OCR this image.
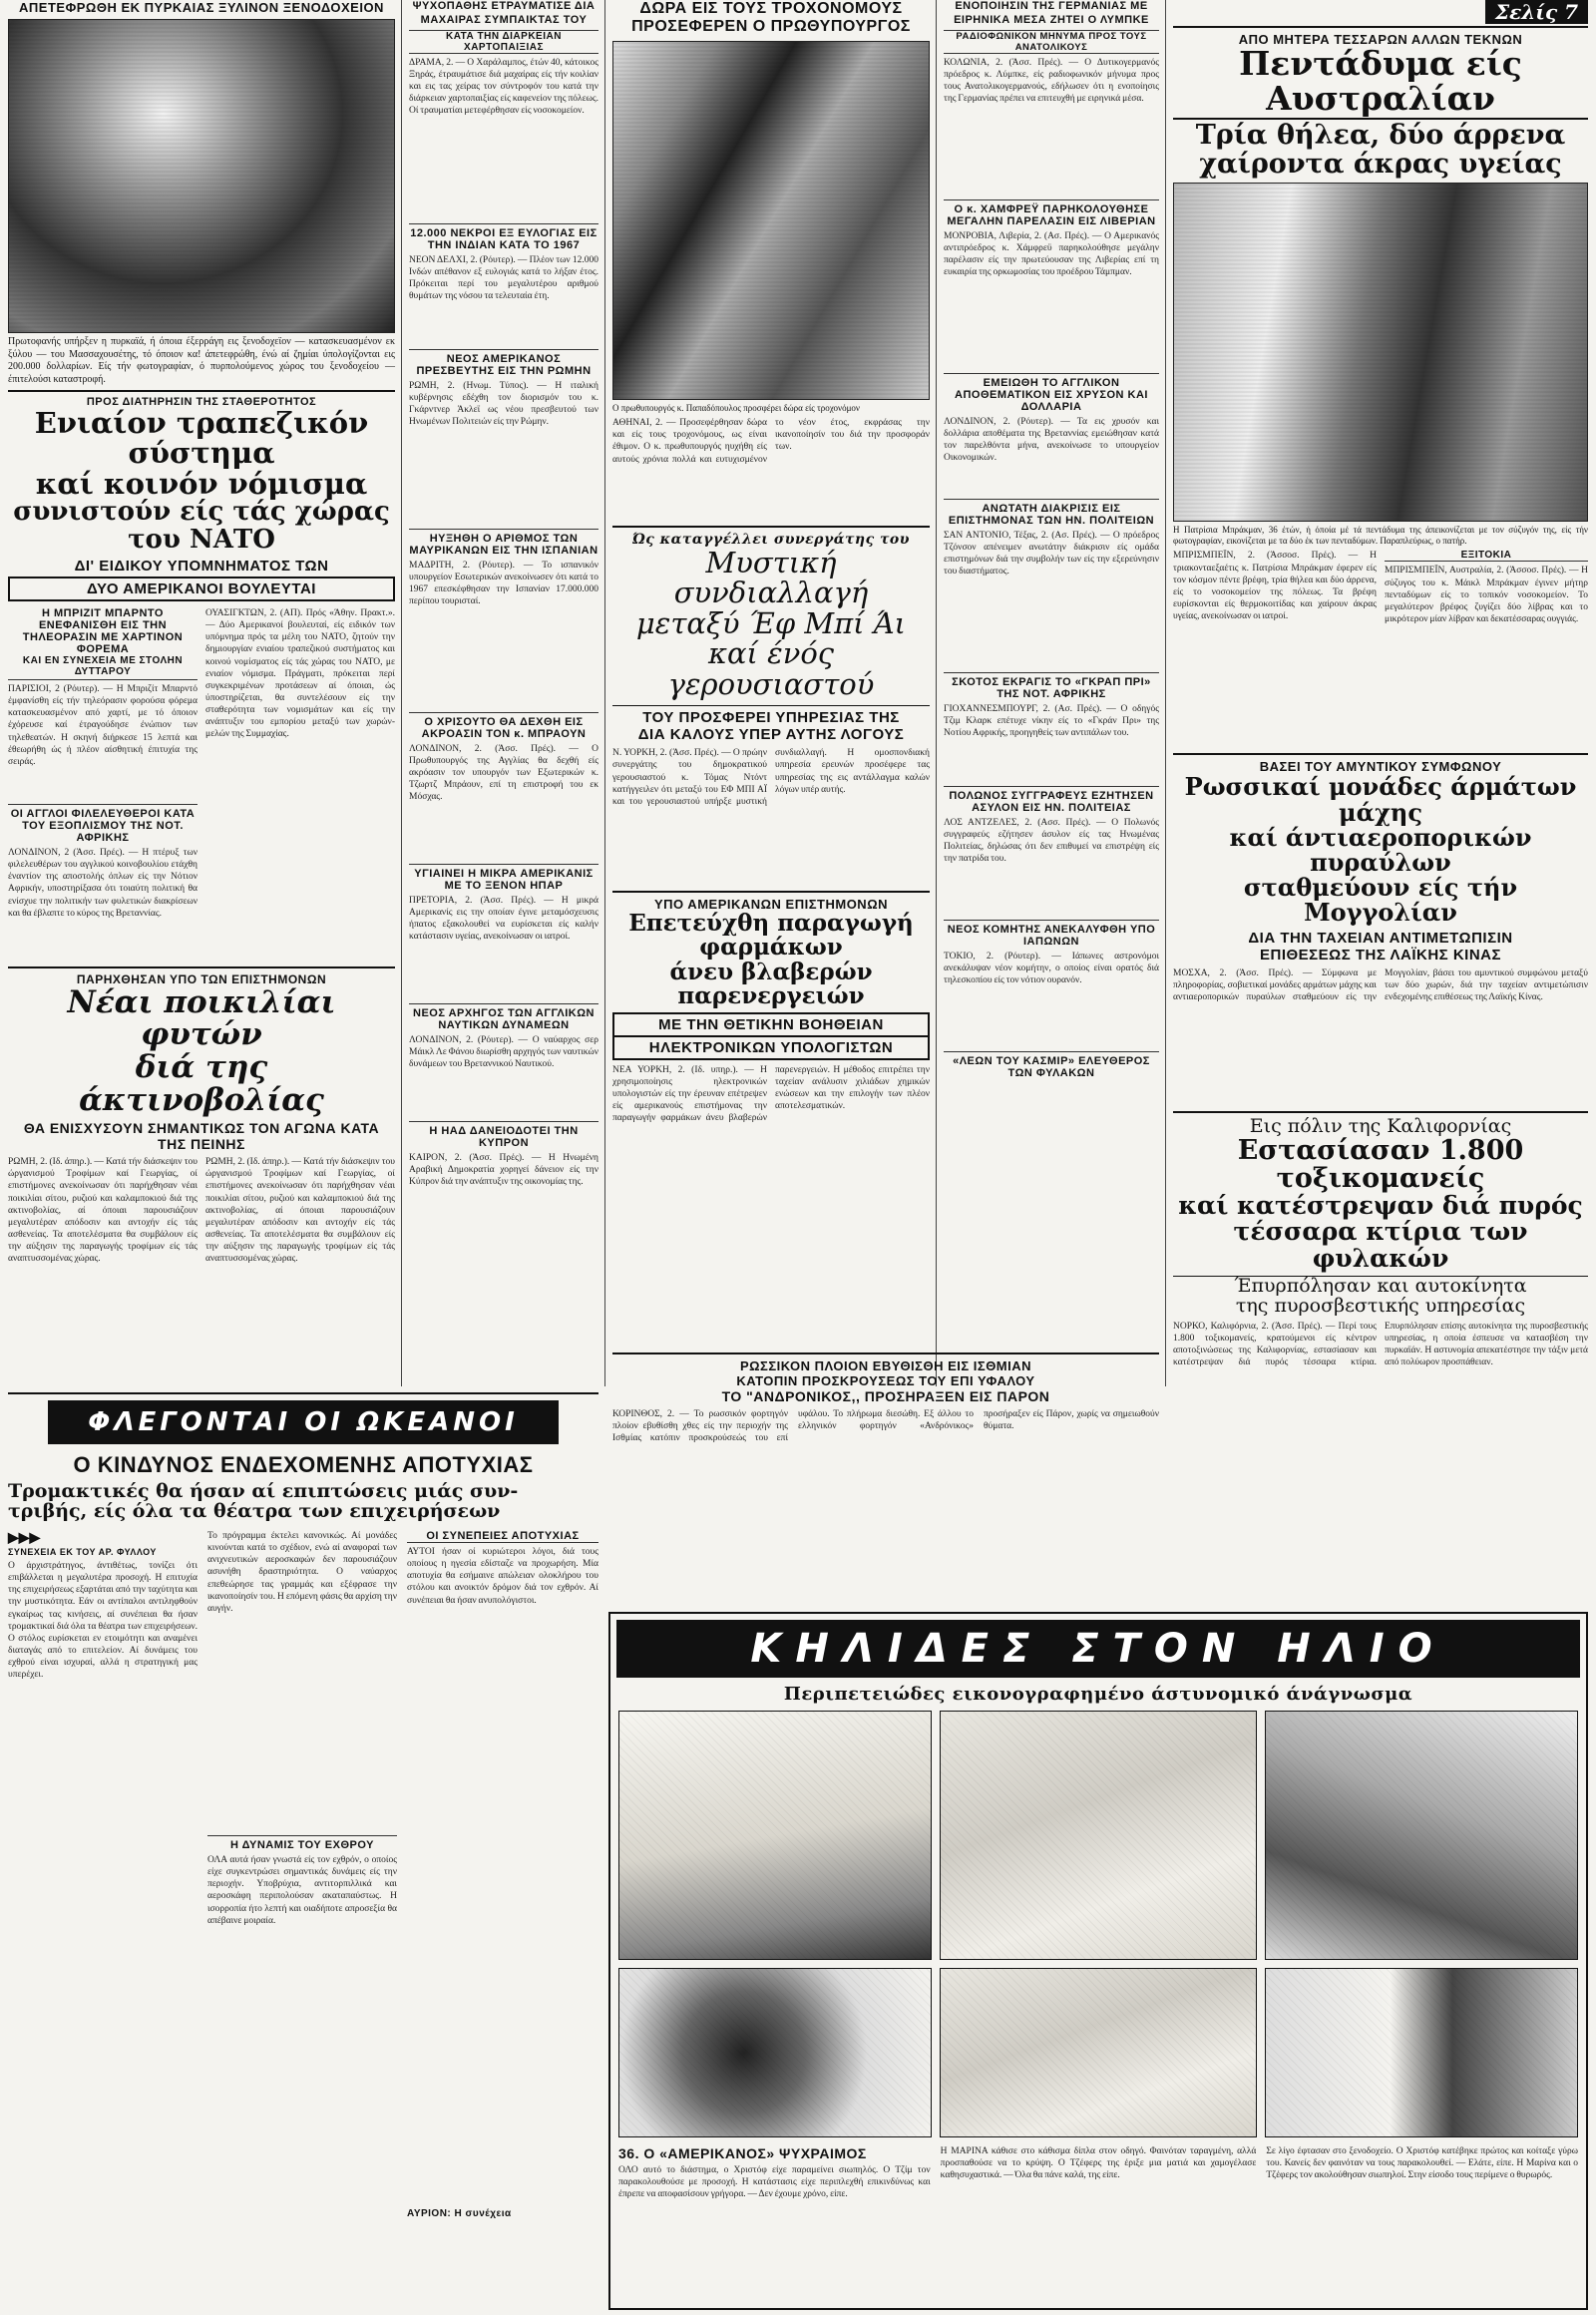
ΑΠΕΤΕΦΡΩΘΗ ΕΚ ΠΥΡΚΑΙΑΣ ΞΥΛΙΝΟΝ ΞΕΝΟΔΟΧΕΙΟΝ
Πρωτοφανής υπήρξεν η πυρκαϊά, ή όποια έξερράγη εις ξενοδοχεϊον — κατασκευασμένον εκ ξύλου — του Μασσαχουσέτης, τό όποιον κα! άπετεφρώθη, ένώ αί ζημίαι ύπολογίζονται εις 200.000 δολλαρίων. Είς τήν φωτογραφίαν, ό πυρπολούμενος χώρος του ξενοδοχείου — έπιτελούσι καταστροφή.
ΠΡΟΣ ΔΙΑΤΗΡΗΣΙΝ ΤΗΣ ΣΤΑΘΕΡΟΤΗΤΟΣ
Ενιαίον τραπεζικόν σύστημα
καί κοινόν νόμισμα
συνιστούν είς τάς χώρας του ΝΑΤΟ
ΔΙ' ΕΙΔΙΚΟΥ ΥΠΟΜΝΗΜΑΤΟΣ ΤΩΝ
ΔΥΟ ΑΜΕΡΙΚΑΝΟΙ ΒΟΥΛΕΥΤΑΙ
Η ΜΠΡΙΖΙΤ ΜΠΑΡΝΤΟ ΕΝΕΦΑΝΙΣΘΗ ΕΙΣ ΤΗΝ ΤΗΛΕΟΡΑΣΙΝ ΜΕ ΧΑΡΤΙΝΟΝ ΦΟΡΕΜΑ
ΚΑΙ ΕΝ ΣΥΝΕΧΕΙΑ ΜΕ ΣΤΟΛΗΝ ΔΥΤΤΑΡΟΥ
ΠΑΡΙΣΙΟΙ, 2 (Ρόυτερ). — Η Μπριζίτ Μπαρντό έμφανίσθη είς τήν τηλεόρασιν φορούσα φόρεμα κατασκευασμένον από χαρτί, με τό όποιον έχόρευσε καί έτραγούδησε ένώπιον των τηλεθεατών. Η σκηνή διήρκεσε 15 λεπτά και έθεωρήθη ώς ή πλέον αίσθητική έπιτυχία της σειράς.
ΟΙ ΑΓΓΛΟΙ ΦΙΛΕΛΕΥΘΕΡΟΙ ΚΑΤΑ ΤΟΥ ΕΞΟΠΛΙΣΜΟΥ ΤΗΣ ΝΟΤ. ΑΦΡΙΚΗΣ
ΛΟΝΔΙΝΟΝ, 2 (Άσσ. Πρές). — Η πτέρυξ των φιλελευθέρων του αγγλικού κοινοβουλίου ετάχθη έναντίον της αποστολής όπλων είς την Νότιον Αφρικήν, υποστηρίξασα ότι τοιαύτη πολιτική θα ενίσχυε την πολιτικήν των φυλετικών διακρίσεων και θα έβλαπτε το κύρος της Βρεταννίας.
ΟΥΑΣΙΓΚΤΩΝ, 2. (ΑΠ). Πρός «Άθην. Πρακτ.». — Δύο Αμερικανοί βουλευταί, είς ειδικόν των υπόμνημα πρός τα μέλη του ΝΑΤΟ, ζητούν την δημιουργίαν ενιαίου τραπεζικού συστήματος και κοινού νομίσματος είς τάς χώρας του ΝΑΤΟ, με ενιαίον νόμισμα. Πράγματι, πρόκειται περί συγκεκριμένων προτάσεων αί όποιαι, ώς ύποστηρίζεται, θα συντελέσουν είς την σταθερότητα των νομισμάτων και είς την ανάπτυξιν του εμπορίου μεταξύ των χωρών-μελών της Συμμαχίας.
ΠΑΡΗΧΘΗΣΑΝ ΥΠΟ ΤΩΝ ΕΠΙΣΤΗΜΟΝΩΝ
Νέαι ποικιλίαι φυτών
διά της άκτινοβολίας
ΘΑ ΕΝΙΣΧΥΣΟΥΝ ΣΗΜΑΝΤΙΚΩΣ ΤΟΝ ΑΓΩΝΑ ΚΑΤΑ ΤΗΣ ΠΕΙΝΗΣ
ΡΩΜΗ, 2. (Ιδ. άπηρ.). — Κατά τήν διάσκεψιν του ώργανισμού Τροφίμων καί Γεωργίας, οί επιστήμονες ανεκοίνωσαν ότι παρήχθησαν νέαι ποικιλίαι σίτου, ρυζιού και καλαμποκιού διά της ακτινοβολίας, αί όποιαι παρουσιάζουν μεγαλυτέραν απόδοσιν και αντοχήν είς τάς ασθενείας. Τα αποτελέσματα θα συμβάλουν είς την αύξησιν της παραγωγής τροφίμων είς τάς αναπτυσσομένας χώρας.
ΡΩΜΗ, 2. (Ιδ. άπηρ.). — Κατά τήν διάσκεψιν του ώργανισμού Τροφίμων καί Γεωργίας, οί επιστήμονες ανεκοίνωσαν ότι παρήχθησαν νέαι ποικιλίαι σίτου, ρυζιού και καλαμποκιού διά της ακτινοβολίας, αί όποιαι παρουσιάζουν μεγαλυτέραν απόδοσιν και αντοχήν είς τάς ασθενείας. Τα αποτελέσματα θα συμβάλουν είς την αύξησιν της παραγωγής τροφίμων είς τάς αναπτυσσομένας χώρας.
ΨΥΧΟΠΑΘΗΣ ΕΤΡΑΥΜΑΤΙΣΕ ΔΙΑ ΜΑΧΑΙΡΑΣ ΣΥΜΠΑΙΚΤΑΣ ΤΟΥ
ΚΑΤΑ ΤΗΝ ΔΙΑΡΚΕΙΑΝ ΧΑΡΤΟΠΑΙΞΙΑΣ
ΔΡΑΜΑ, 2. — Ο Χαράλαμπος, έτών 40, κάτοικος Ξηράς, έτραυμάτισε διά μαχαίρας είς τήν κοιλίαν και εις τας χείρας τον σύντροφόν του κατά την διάρκειαν χαρτοπαιξίας είς καφενείον της πόλεως. Οί τραυματίαι μετεφέρθησαν είς νοσοκομείον.
12.000 ΝΕΚΡΟΙ ΕΞ ΕΥΛΟΓΙΑΣ ΕΙΣ ΤΗΝ ΙΝΔΙΑΝ ΚΑΤΑ ΤΟ 1967
ΝΕΟΝ ΔΕΛΧΙ, 2. (Ρόυτερ). — Πλέον των 12.000 Ινδών απέθανον εξ ευλογιάς κατά το λήξαν έτος. Πρόκειται περί του μεγαλυτέρου αριθμού θυμάτων της νόσου τα τελευταία έτη.
ΝΕΟΣ ΑΜΕΡΙΚΑΝΟΣ ΠΡΕΣΒΕΥΤΗΣ ΕΙΣ ΤΗΝ ΡΩΜΗΝ
ΡΩΜΗ, 2. (Ηνωμ. Τύπος). — Η ιταλική κυβέρνησις εδέχθη τον διορισμόν του κ. Γκάρντνερ Άκλεϊ ως νέου πρεσβευτού των Ηνωμένων Πολιτειών είς την Ρώμην.
ΗΥΞΗΘΗ Ο ΑΡΙΘΜΟΣ ΤΩΝ ΜΑΥΡΙΚΑΝΩΝ ΕΙΣ ΤΗΝ ΙΣΠΑΝΙΑΝ
ΜΑΔΡΙΤΗ, 2. (Ρόυτερ). — Το ισπανικόν υπουργείον Εσωτερικών ανεκοίνωσεν ότι κατά το 1967 επεσκέφθησαν την Ισπανίαν 17.000.000 περίπου τουρισταί.
Ο ΧΡΙΣΟΥΤΟ ΘΑ ΔΕΧΘΗ ΕΙΣ ΑΚΡΟΑΣΙΝ ΤΟΝ κ. ΜΠΡΑΟΥΝ
ΛΟΝΔΙΝΟΝ, 2. (Άσσ. Πρές). — Ο Πρωθυπουργός της Αγγλίας θα δεχθή είς ακρόασιν τον υπουργόν των Εξωτερικών κ. Τζωρτζ Μπράουν, επί τη επιστροφή του εκ Μόσχας.
ΥΓΙΑΙΝΕΙ Η ΜΙΚΡΑ ΑΜΕΡΙΚΑΝΙΣ ΜΕ ΤΟ ΞΕΝΟΝ ΗΠΑΡ
ΠΡΕΤΟΡΙΑ, 2. (Άσσ. Πρές). — Η μικρά Αμερικανίς εις την οποίαν έγινε μεταμόσχευσις ήπατος εξακολουθεί να ευρίσκεται είς καλήν κατάστασιν υγείας, ανεκοίνωσαν οι ιατροί.
ΝΕΟΣ ΑΡΧΗΓΟΣ ΤΩΝ ΑΓΓΛΙΚΩΝ ΝΑΥΤΙΚΩΝ ΔΥΝΑΜΕΩΝ
ΛΟΝΔΙΝΟΝ, 2. (Ρόυτερ). — Ο ναύαρχος σερ Μάικλ Λε Φάνου διωρίσθη αρχηγός των ναυτικών δυνάμεων του Βρεταννικού Ναυτικού.
Η ΗΑΔ ΔΑΝΕΙΟΔΟΤΕΙ ΤΗΝ ΚΥΠΡΟΝ
ΚΑΙΡΟΝ, 2. (Άσσ. Πρές). — Η Ηνωμένη Αραβική Δημοκρατία χορηγεί δάνειον είς την Κύπρον διά την ανάπτυξιν της οικονομίας της.
ΔΩΡΑ ΕΙΣ ΤΟΥΣ ΤΡΟΧΟΝΟΜΟΥΣ
ΠΡΟΣΕΦΕΡΕΝ Ο ΠΡΩΘΥΠΟΥΡΓΟΣ
Ο πρωθυπουργός κ. Παπαδόπουλος προσφέρει δώρα είς τροχονόμον
ΑΘΗΝΑΙ, 2. — Προσεφέρθησαν δώρα και είς τους τροχονόμους, ως είναι έθιμον. Ο κ. πρωθυπουργός ηυχήθη είς αυτούς χρόνια πολλά και ευτυχισμένον το νέον έτος, εκφράσας την ικανοποίησίν του διά την προσφοράν των.
Ώς καταγγέλλει συνεργάτης του
Μυστική συνδιαλλαγή
μεταξύ Έφ Μπί Άι
καί ένός γερουσιαστού
ΤΟΥ ΠΡΟΣΦΕΡΕΙ ΥΠΗΡΕΣΙΑΣ ΤΗΣ
ΔΙΑ ΚΑΛΟΥΣ ΥΠΕΡ ΑΥΤΗΣ ΛΟΓΟΥΣ
Ν. ΥΟΡΚΗ, 2. (Άσσ. Πρές). — Ο πρώην συνεργάτης του δημοκρατικού γερουσιαστού κ. Τόμας Ντόντ κατήγγειλεν ότι μεταξύ του ΕΦ ΜΠΙ ΑΪ και του γερουσιαστού υπήρξε μυστική συνδιαλλαγή. Η ομοσπονδιακή υπηρεσία ερευνών προσέφερε τας υπηρεσίας της εις αντάλλαγμα καλών λόγων υπέρ αυτής.
ΥΠΟ ΑΜΕΡΙΚΑΝΩΝ ΕΠΙΣΤΗΜΟΝΩΝ
Επετεύχθη παραγωγή φαρμάκων
άνευ βλαβερών παρενεργειών
ΜΕ ΤΗΝ ΘΕΤΙΚΗΝ ΒΟΗΘΕΙΑΝ
ΗΛΕΚΤΡΟΝΙΚΩΝ ΥΠΟΛΟΓΙΣΤΩΝ
ΝΕΑ ΥΟΡΚΗ, 2. (Ιδ. υπηρ.). — Η χρησιμοποίησις ηλεκτρονικών υπολογιστών είς την έρευναν επέτρεψεν είς αμερικανούς επιστήμονας την παραγωγήν φαρμάκων άνευ βλαβερών παρενεργειών. Η μέθοδος επιτρέπει την ταχείαν ανάλυσιν χιλιάδων χημικών ενώσεων και την επιλογήν των πλέον αποτελεσματικών.
ΡΩΣΣΙΚΟΝ ΠΛΟΙΟΝ ΕΒΥΘΙΣΘΗ ΕΙΣ ΙΣΘΜΙΑΝ
ΚΑΤΟΠΙΝ ΠΡΟΣΚΡΟΥΣΕΩΣ ΤΟΥ ΕΠΙ ΥΦΑΛΟΥ
ΤΟ "ΑΝΔΡΟΝΙΚΟΣ,, ΠΡΟΣΗΡΑΞΕΝ ΕΙΣ ΠΑΡΟΝ
ΚΟΡΙΝΘΟΣ, 2. — Το ρωσσικόν φορτηγόν πλοίον εβυθίσθη χθες είς την περιοχήν της Ισθμίας κατόπιν προσκρούσεώς του επί υφάλου. Το πλήρωμα διεσώθη. Εξ άλλου το ελληνικόν φορτηγόν «Ανδρόνικος» προσήραξεν είς Πάρον, χωρίς να σημειωθούν θύματα.
ΕΝΟΠΟΙΗΣΙΝ ΤΗΣ ΓΕΡΜΑΝΙΑΣ ΜΕ ΕΙΡΗΝΙΚΑ ΜΕΣΑ ΖΗΤΕΙ Ο ΛΥΜΠΚΕ
ΡΑΔΙΟΦΩΝΙΚΟΝ ΜΗΝΥΜΑ ΠΡΟΣ ΤΟΥΣ ΑΝΑΤΟΛΙΚΟΥΣ
ΚΟΛΩΝΙΑ, 2. (Άσσ. Πρές). — Ο Δυτικογερμανός πρόεδρος κ. Λύμπκε, είς ραδιοφωνικόν μήνυμα προς τους Ανατολικογερμανούς, εδήλωσεν ότι η ενοποίησις της Γερμανίας πρέπει να επιτευχθή με ειρηνικά μέσα.
Ο κ. ΧΑΜΦΡΕΫ ΠΑΡΗΚΟΛΟΥΘΗΣΕ ΜΕΓΑΛΗΝ ΠΑΡΕΛΑΣΙΝ ΕΙΣ ΛΙΒΕΡΙΑΝ
ΜΟΝΡΟΒΙΑ, Λιβερία, 2. (Ασ. Πρές). — Ο Αμερικανός αντιπρόεδρος κ. Χάμφρεϋ παρηκολούθησε μεγάλην παρέλασιν είς την πρωτεύουσαν της Λιβερίας επί τη ευκαιρία της ορκωμοσίας του προέδρου Τάμπμαν.
ΕΜΕΙΩΘΗ ΤΟ ΑΓΓΛΙΚΟΝ ΑΠΟΘΕΜΑΤΙΚΟΝ ΕΙΣ ΧΡΥΣΟΝ ΚΑΙ ΔΟΛΛΑΡΙΑ
ΛΟΝΔΙΝΟΝ, 2. (Ρόυτερ). — Τα εις χρυσόν και δολλάρια αποθέματα της Βρεταννίας εμειώθησαν κατά τον παρελθόντα μήνα, ανεκοίνωσε το υπουργείον Οικονομικών.
ΑΝΩΤΑΤΗ ΔΙΑΚΡΙΣΙΣ ΕΙΣ ΕΠΙΣΤΗΜΟΝΑΣ ΤΩΝ ΗΝ. ΠΟΛΙΤΕΙΩΝ
ΣΑΝ ΑΝΤΟΝΙΟ, Τέξας, 2. (Ασ. Πρές). — Ο πρόεδρος Τζόνσον απένειμεν ανωτάτην διάκρισιν είς ομάδα επιστημόνων διά την συμβολήν των είς την εξερεύνησιν του διαστήματος.
ΣΚΟΤΟΣ ΕΚΡΑΓΙΣ ΤΟ «ΓΚΡΑΠ ΠΡΙ» ΤΗΣ ΝΟΤ. ΑΦΡΙΚΗΣ
ΓΙΟΧΑΝΝΕΣΜΠΟΥΡΓ, 2. (Ασ. Πρές). — Ο οδηγός Τζιμ Κλαρκ επέτυχε νίκην είς το «Γκράν Πρι» της Νοτίου Αφρικής, προηγηθείς των αντιπάλων του.
ΠΟΛΩΝΟΣ ΣΥΓΓΡΑΦΕΥΣ ΕΖΗΤΗΣΕΝ ΑΣΥΛΟΝ ΕΙΣ ΗΝ. ΠΟΛΙΤΕΙΑΣ
ΛΟΣ ΑΝΤΖΕΛΕΣ, 2. (Ασσ. Πρές). — Ο Πολωνός συγγραφεύς εζήτησεν άσυλον είς τας Ηνωμένας Πολιτείας, δηλώσας ότι δεν επιθυμεί να επιστρέψη είς την πατρίδα του.
ΝΕΟΣ ΚΟΜΗΤΗΣ ΑΝΕΚΑΛΥΦΘΗ ΥΠΟ ΙΑΠΩΝΩΝ
ΤΟΚΙΟ, 2. (Ρόυτερ). — Ιάπωνες αστρονόμοι ανεκάλυψαν νέον κομήτην, ο οποίος είναι ορατός διά τηλεσκοπίου είς τον νότιον ουρανόν.
«ΛΕΩΝ ΤΟΥ ΚΑΣΜΙΡ» ΕΛΕΥΘΕΡΟΣ ΤΩΝ ΦΥΛΑΚΩΝ
Σελίς 7
ΑΠΟ ΜΗΤΕΡΑ ΤΕΣΣΑΡΩΝ ΑΛΛΩΝ ΤΕΚΝΩΝ
Πεντάδυμα είς Αυστραλίαν
Τρία θήλεα, δύο άρρενα
χαίροντα άκρας υγείας
Η Πατρίσια Μπράκμαν, 36 έτών, ή όποία μέ τά πεντάδυμα της άπεικονίζεται με τον σύζυγόν της, είς τήν φωτογραφίαν, εικονίζεται με τα δύο έκ των πενταδύμων. Παραπλεύρως, ο πατήρ.
ΜΠΡΙΣΜΠΕΪΝ, 2. (Άσσοσ. Πρές). — Η τριακονταεξαέτις κ. Πατρίσια Μπράκμαν έφερεν είς τον κόσμον πέντε βρέφη, τρία θήλεα και δύο άρρενα, είς το νοσοκομείον της πόλεως. Τα βρέφη ευρίσκονται είς θερμοκοιτίδας και χαίρουν άκρας υγείας, ανεκοίνωσαν οι ιατροί.
ΕΞΙΤΟΚΙΑ
ΜΠΡΙΣΜΠΕΪΝ, Αυστραλία, 2. (Άσσοσ. Πρές). — Η σύζυγος του κ. Μάικλ Μπράκμαν έγινεν μήτηρ πενταδύμων είς το τοπικόν νοσοκομείον. Το μεγαλύτερον βρέφος ζυγίζει δύο λίβρας και το μικρότερον μίαν λίβραν και δεκατέσσαρας ουγγιάς.
ΒΑΣΕΙ ΤΟΥ ΑΜΥΝΤΙΚΟΥ ΣΥΜΦΩΝΟΥ
Ρωσσικαί μονάδες άρμάτων μάχης
καί άντιαεροπορικών πυραύλων
σταθμεύουν είς τήν Μογγολίαν
ΔΙΑ ΤΗΝ ΤΑΧΕΙΑΝ ΑΝΤΙΜΕΤΩΠΙΣΙΝ
ΕΠΙΘΕΣΕΩΣ ΤΗΣ ΛΑΪΚΗΣ ΚΙΝΑΣ
ΜΟΣΧΑ, 2. (Άσσ. Πρές). — Σύμφωνα με πληροφορίας, σοβιετικαί μονάδες αρμάτων μάχης και αντιαεροπορικών πυραύλων σταθμεύουν είς την Μογγολίαν, βάσει του αμυντικού συμφώνου μεταξύ των δύο χωρών, διά την ταχείαν αντιμετώπισιν ενδεχομένης επιθέσεως της Λαϊκής Κίνας.
Εις πόλιν της Καλιφορνίας
Εστασίασαν 1.800 τοξικομανείς
καί κατέστρεψαν διά πυρός
τέσσαρα κτίρια των φυλακών
Έπυρπόλησαν και αυτοκίνητα
της πυροσβεστικής υπηρεσίας
ΝΟΡΚΟ, Καλιφόρνια, 2. (Άσσ. Πρές). — Περί τους 1.800 τοξικομανείς, κρατούμενοι είς κέντρον αποτοξινώσεως της Καλιφορνίας, εστασίασαν και κατέστρεψαν διά πυρός τέσσαρα κτίρια. Επυρπόλησαν επίσης αυτοκίνητα της πυροσβεστικής υπηρεσίας, η οποία έσπευσε να κατασβέση την πυρκαϊάν. Η αστυνομία απεκατέστησε την τάξιν μετά από πολύωρον προσπάθειαν.
ΦΛΕΓΟΝΤΑΙ ΟΙ ΩΚΕΑΝΟΙ
Ο ΚΙΝΔΥΝΟΣ ΕΝΔΕΧΟΜΕΝΗΣ ΑΠΟΤΥΧΙΑΣ
Τρομακτικές θα ήσαν αί επιπτώσεις μιάς συν-
τριβής, είς όλα τα θέατρα των επιχειρήσεων
▶▶▶
ΣΥΝΕΧΕΙΑ ΕΚ ΤΟΥ ΑΡ. ΦΥΛΛΟΥ
Ο άρχιστράτηγος, άντιθέτως, τονίζει ότι επιβάλλεται η μεγαλυτέρα προσοχή. Η επιτυχία της επιχειρήσεως εξαρτάται από την ταχύτητα και την μυστικότητα. Εάν οι αντίπαλοι αντιληφθούν εγκαίρως τας κινήσεις, αί συνέπειαι θα ήσαν τρομακτικαί διά όλα τα θέατρα των επιχειρήσεων. Ο στόλος ευρίσκεται εν ετοιμότητι και αναμένει διαταγάς από το επιτελείον. Αί δυνάμεις του εχθρού είναι ισχυραί, αλλά η στρατηγική μας υπερέχει.
Το πρόγραμμα έκτελει κανονικώς. Αί μονάδες κινούνται κατά το σχέδιον, ενώ αί αναφοραί των ανιχνευτικών αεροσκαφών δεν παρουσιάζουν ασυνήθη δραστηριότητα. Ο ναύαρχος επεθεώρησε τας γραμμάς και εξέφρασε την ικανοποίησίν του. Η επόμενη φάσις θα αρχίση την αυγήν.
Η ΔΥΝΑΜΙΣ ΤΟΥ ΕΧΘΡΟΥ
ΟΛΑ αυτά ήσαν γνωστά είς τον εχθρόν, ο οποίος είχε συγκεντρώσει σημαντικάς δυνάμεις είς την περιοχήν. Υποβρύχια, αντιτορπιλλικά και αεροσκάφη περιπολούσαν ακαταπαύστως. Η ισορροπία ήτο λεπτή και οιαδήποτε απροσεξία θα απέβαινε μοιραία.
ΟΙ ΣΥΝΕΠΕΙΕΣ ΑΠΟΤΥΧΙΑΣ
ΑΥΤΟΙ ήσαν οί κυριώτεροι λόγοι, διά τους οποίους η ηγεσία εδίσταζε να προχωρήση. Μία αποτυχία θα εσήμαινε απώλειαν ολοκλήρου του στόλου και ανοικτόν δρόμον διά τον εχθρόν. Αί συνέπειαι θα ήσαν ανυπολόγιστοι.
ΑΥΡΙΟΝ: Η συνέχεια
ΚΗΛΙΔΕΣ ΣΤΟΝ ΗΛΙΟ
Περιπετειώδες εικονογραφημένο άστυνομικό άνάγνωσμα
36. Ο «ΑΜΕΡΙΚΑΝΟΣ» ΨΥΧΡΑΙΜΟΣ
ΟΛΟ αυτό το διάστημα, ο Χριστόφ είχε παραμείνει σιωπηλός. Ο Τζίμ τον παρακολουθούσε με προσοχή. Η κατάστασις είχε περιπλεχθή επικινδύνως και έπρεπε να αποφασίσουν γρήγορα. — Δεν έχουμε χρόνο, είπε.
Η ΜΑΡΙΝΑ κάθισε στο κάθισμα δίπλα στον οδηγό. Φαινόταν ταραγμένη, αλλά προσπαθούσε να το κρύψη. Ο Τζέφερς της έριξε μια ματιά και χαμογέλασε καθησυχαστικά. — Όλα θα πάνε καλά, της είπε.
Σε λίγο έφτασαν στο ξενοδοχείο. Ο Χριστόφ κατέβηκε πρώτος και κοίταξε γύρω του. Κανείς δεν φαινόταν να τους παρακολουθεί. — Ελάτε, είπε. Η Μαρίνα και ο Τζέφερς τον ακολούθησαν σιωπηλοί. Στην είσοδο τους περίμενε ο θυρωρός.
